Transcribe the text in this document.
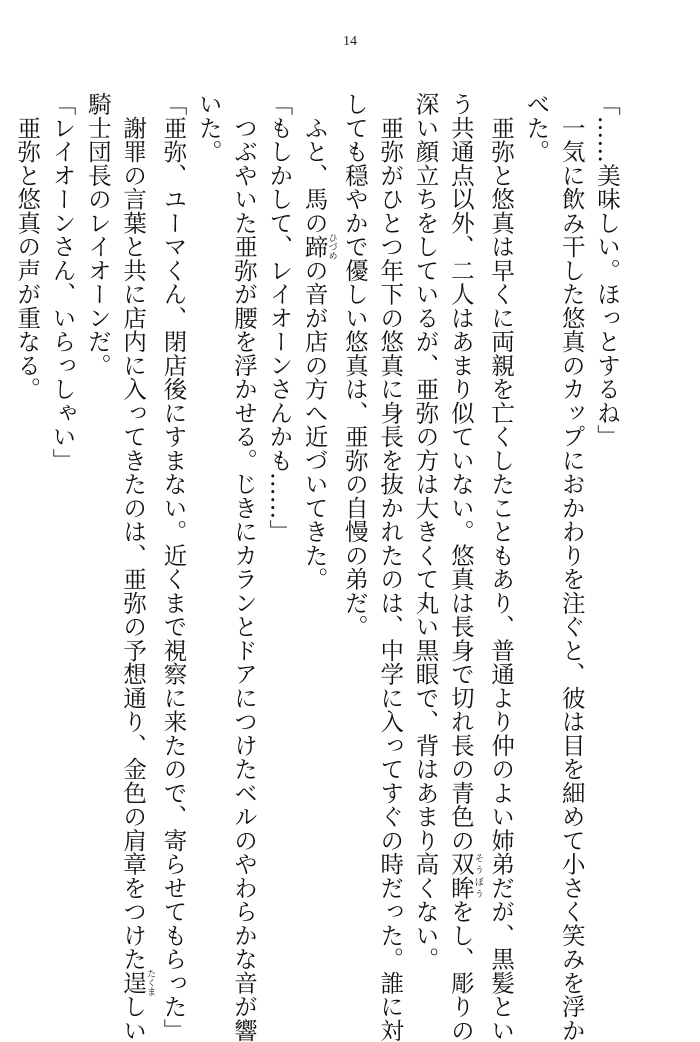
14
「……美味しい。ほっとするね」
　一気に飲み干した悠真のカップにおかわりを注ぐと、彼は目を細めて小さく笑みを浮か
べた。
　亜弥と悠真は早くに両親を亡くしたこともあり、普通より仲のよい姉弟だが、黒髪とい
う共通点以外、二人はあまり似ていない。悠真は長身で切れ長の青色の双眸そうぼうをし、彫りの
深い顔立ちをしているが、亜弥の方は大きくて丸い黒眼で、背はあまり高くない。
　亜弥がひとつ年下の悠真に身長を抜かれたのは、中学に入ってすぐの時だった。誰に対
しても穏やかで優しい悠真は、亜弥の自慢の弟だ。
　ふと、馬の蹄ひづめの音が店の方へ近づいてきた。
「もしかして、レイオーンさんかも……」
　つぶやいた亜弥が腰を浮かせる。じきにカランとドアにつけたベルのやわらかな音が響
いた。
「亜弥、ユーマくん、閉店後にすまない。近くまで視察に来たので、寄らせてもらった」
　謝罪の言葉と共に店内に入ってきたのは、亜弥の予想通り、金色の肩章をつけた逞たくましい
騎士団長のレイオーンだ。
「レイオーンさん、いらっしゃい」
　亜弥と悠真の声が重なる。
